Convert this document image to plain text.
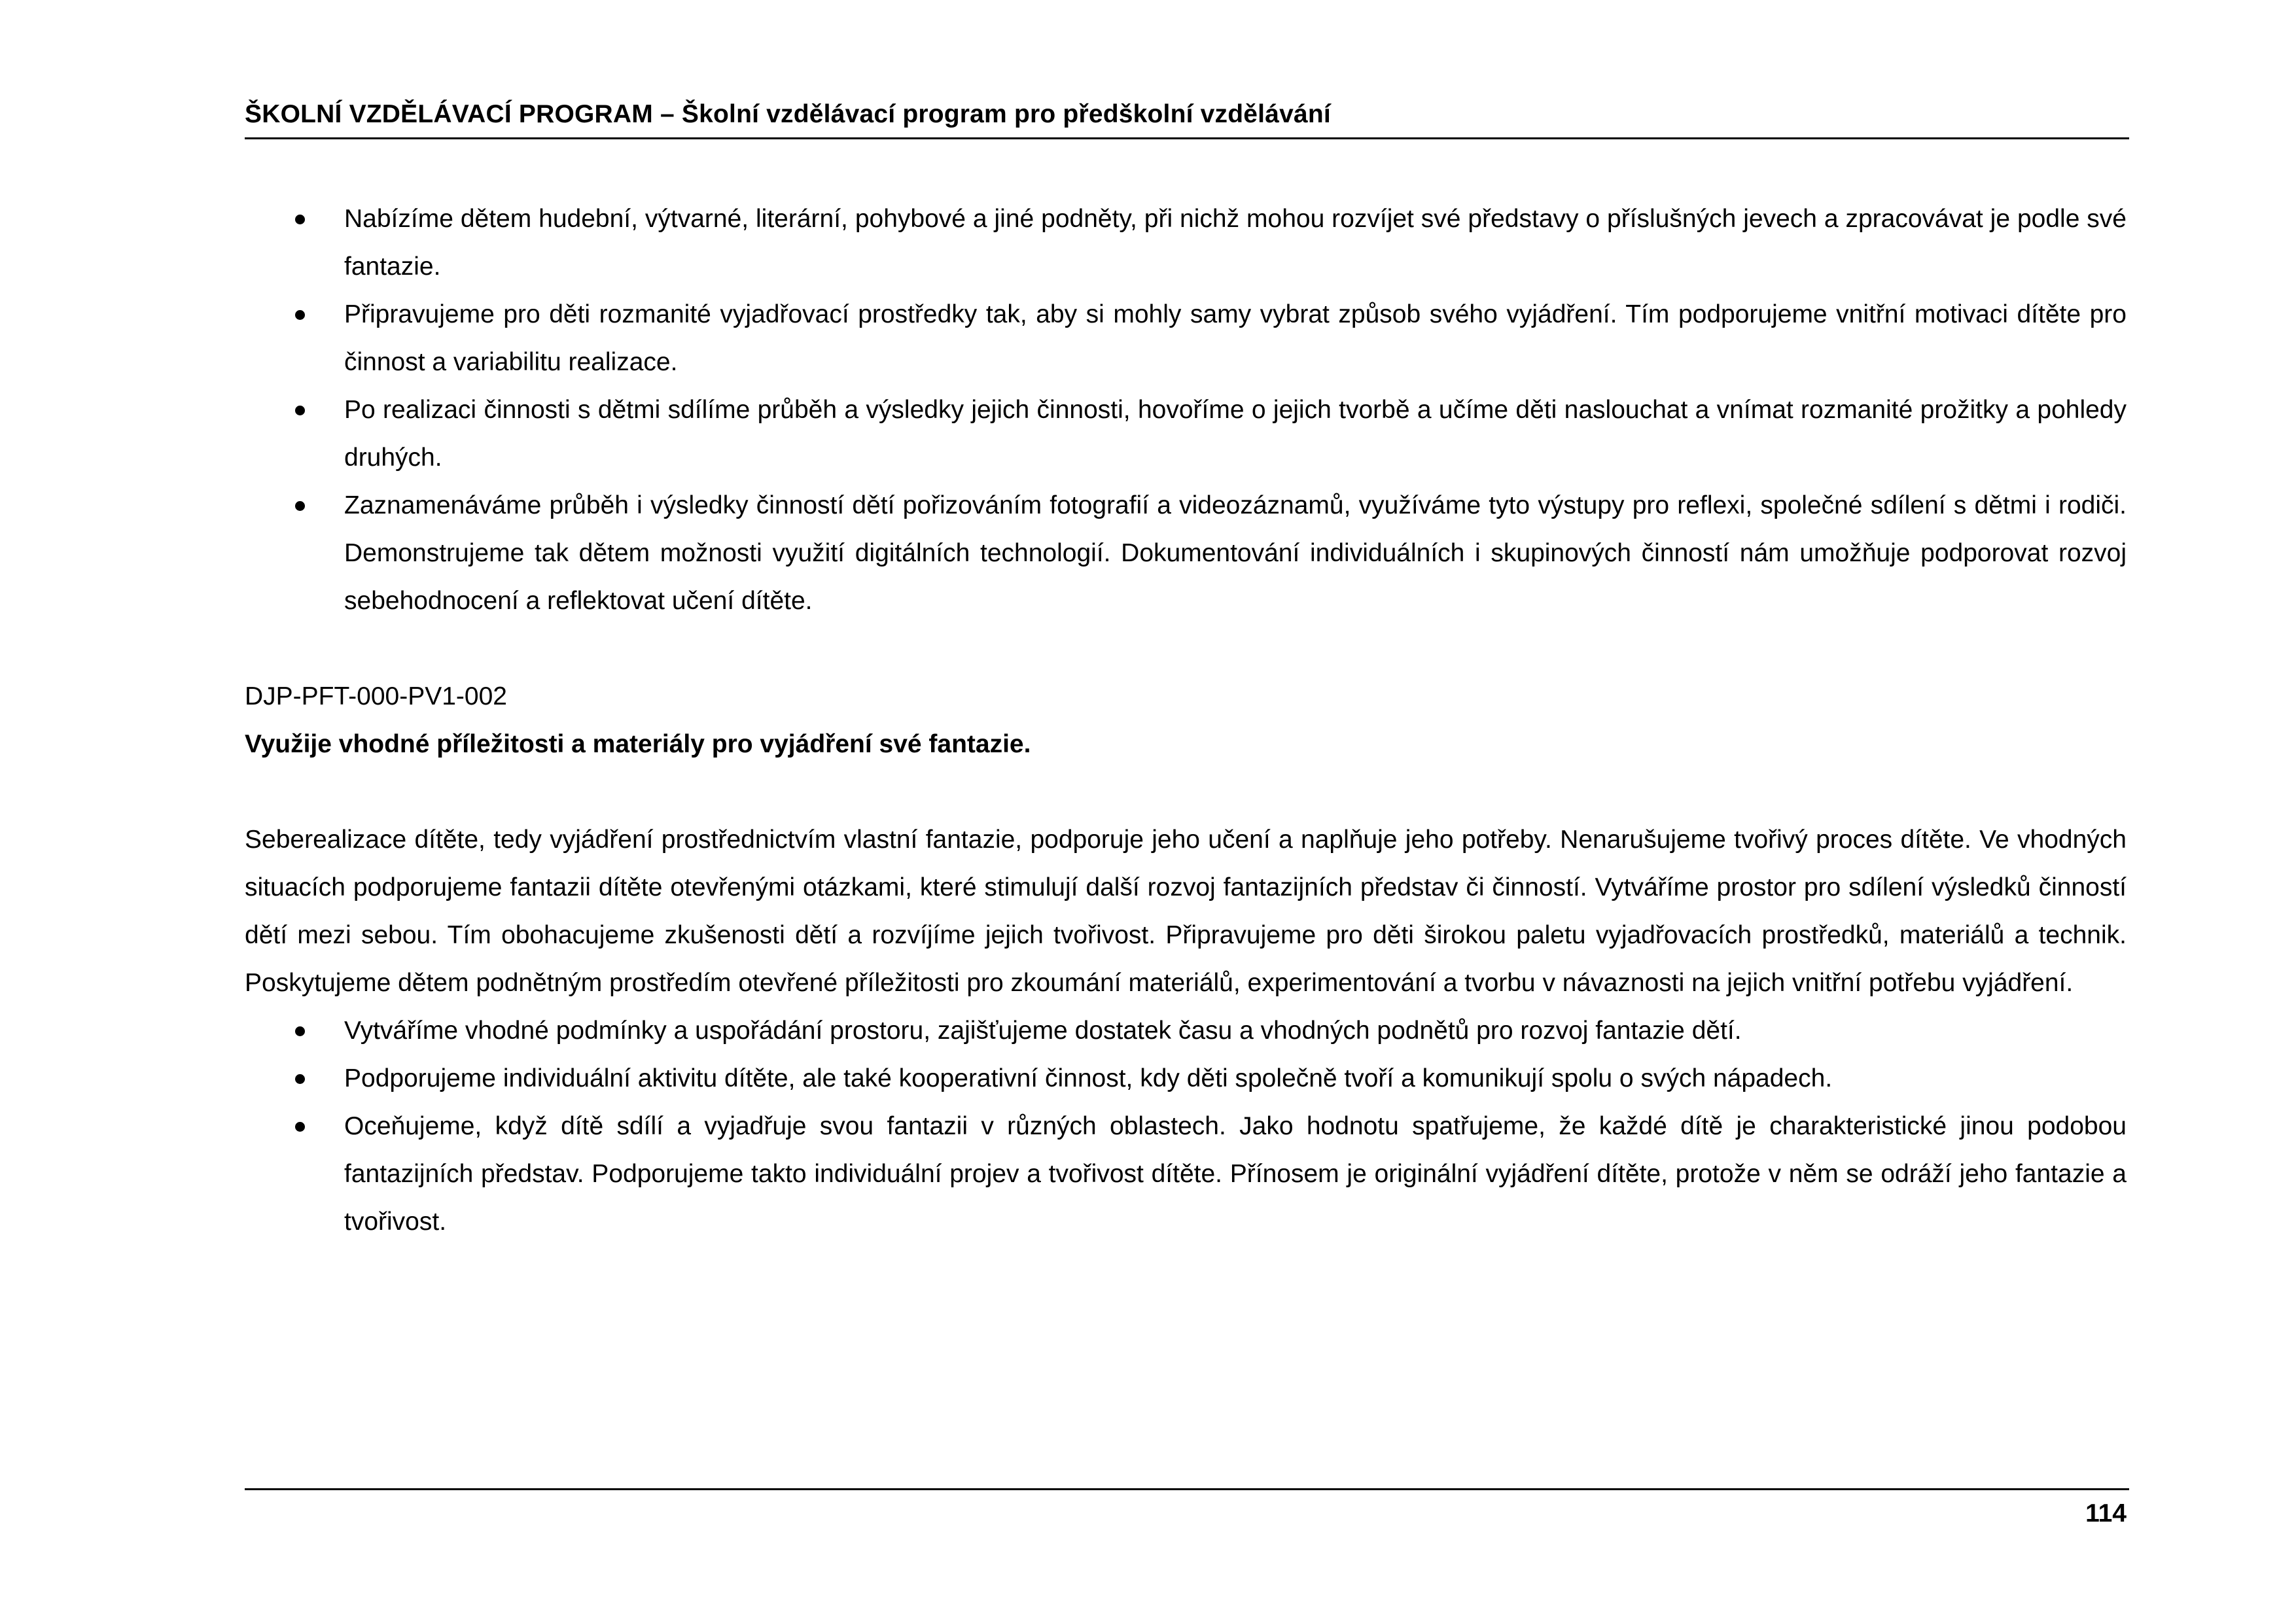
ŠKOLNÍ VZDĚLÁVACÍ PROGRAM – Školní vzdělávací program pro předškolní vzdělávání
Nabízíme dětem hudební, výtvarné, literární, pohybové a jiné podněty, při nichž mohou rozvíjet své představy o příslušných jevech a zpracovávat je podle své fantazie.
Připravujeme pro děti rozmanité vyjadřovací prostředky tak, aby si mohly samy vybrat způsob svého vyjádření. Tím podporujeme vnitřní motivaci dítěte pro činnost a variabilitu realizace.
Po realizaci činnosti s dětmi sdílíme průběh a výsledky jejich činnosti, hovoříme o jejich tvorbě a učíme děti naslouchat a vnímat rozmanité prožitky a pohledy druhých.
Zaznamenáváme průběh i výsledky činností dětí pořizováním fotografií a videozáznamů, využíváme tyto výstupy pro reflexi, společné sdílení s dětmi i rodiči. Demonstrujeme tak dětem možnosti využití digitálních technologií. Dokumentování individuálních i skupinových činností nám umožňuje podporovat rozvoj sebehodnocení a reflektovat učení dítěte.
DJP-PFT-000-PV1-002
Využije vhodné příležitosti a materiály pro vyjádření své fantazie.
Seberealizace dítěte, tedy vyjádření prostřednictvím vlastní fantazie, podporuje jeho učení a naplňuje jeho potřeby. Nenarušujeme tvořivý proces dítěte. Ve vhodných situacích podporujeme fantazii dítěte otevřenými otázkami, které stimulují další rozvoj fantazijních představ či činností. Vytváříme prostor pro sdílení výsledků činností dětí mezi sebou. Tím obohacujeme zkušenosti dětí a rozvíjíme jejich tvořivost. Připravujeme pro děti širokou paletu vyjadřovacích prostředků, materiálů a technik. Poskytujeme dětem podnětným prostředím otevřené příležitosti pro zkoumání materiálů, experimentování a tvorbu v návaznosti na jejich vnitřní potřebu vyjádření.
Vytváříme vhodné podmínky a uspořádání prostoru, zajišťujeme dostatek času a vhodných podnětů pro rozvoj fantazie dětí.
Podporujeme individuální aktivitu dítěte, ale také kooperativní činnost, kdy děti společně tvoří a komunikují spolu o svých nápadech.
Oceňujeme, když dítě sdílí a vyjadřuje svou fantazii v různých oblastech. Jako hodnotu spatřujeme, že každé dítě je charakteristické jinou podobou fantazijních představ. Podporujeme takto individuální projev a tvořivost dítěte. Přínosem je originální vyjádření dítěte, protože v něm se odráží jeho fantazie a tvořivost.
114
